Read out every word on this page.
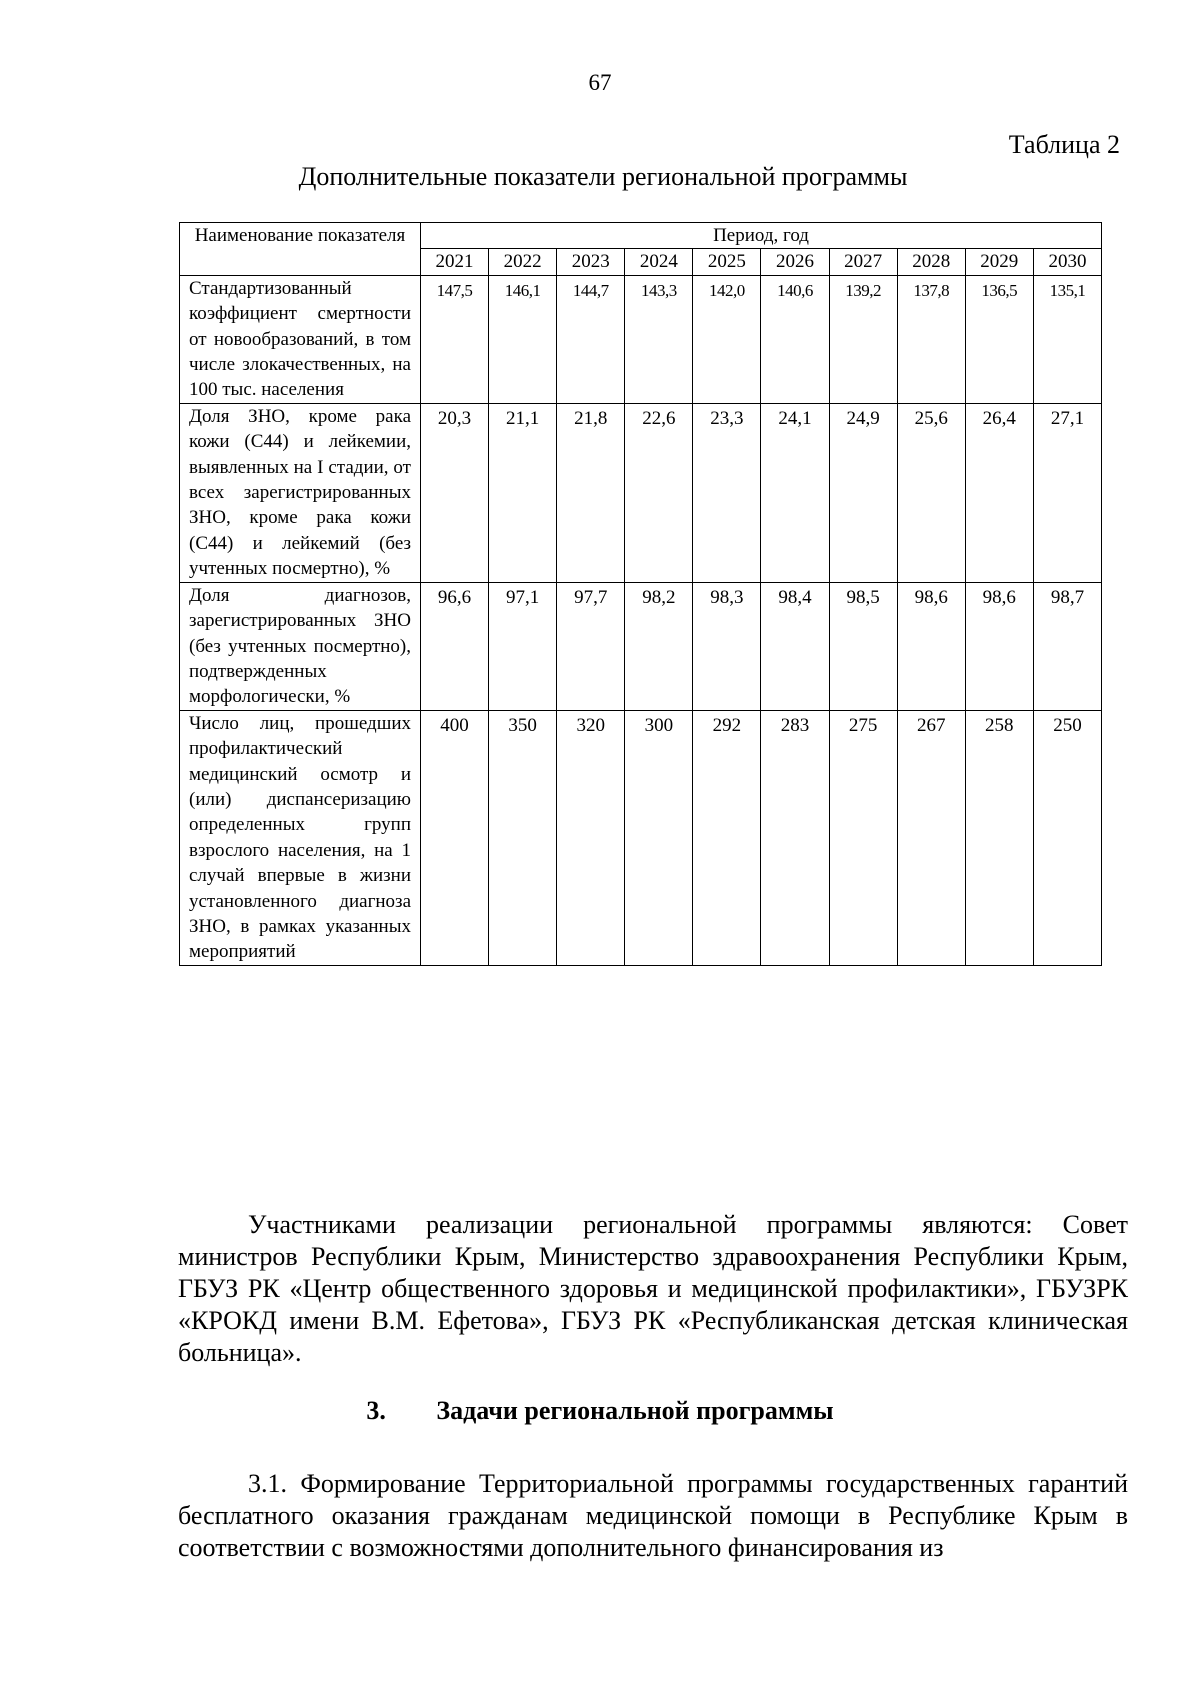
67
Таблица 2
Дополнительные показатели региональной программы
Наименование показателя	Период, год									
	2021	2022	2023	2024	2025	2026	2027	2028	2029	2030
Стандартизованный коэффициент смертности от новообразований, в том числе злокачественных, на 100 тыс. населения	147,5	146,1	144,7	143,3	142,0	140,6	139,2	137,8	136,5	135,1
Доля ЗНО, кроме рака кожи (C44) и лейкемии, выявленных на I стадии, от всех зарегистрированных ЗНО, кроме рака кожи (C44) и лейкемий (без учтенных посмертно), %	20,3	21,1	21,8	22,6	23,3	24,1	24,9	25,6	26,4	27,1
Доля диагнозов, зарегистрированных ЗНО (без учтенных посмертно), подтвержденных морфологически, %	96,6	97,1	97,7	98,2	98,3	98,4	98,5	98,6	98,6	98,7
Число лиц, прошедших профилактический медицинский осмотр и (или) диспансеризацию определенных групп взрослого населения, на 1 случай впервые в жизни установленного диагноза ЗНО, в рамках указанных мероприятий	400	350	320	300	292	283	275	267	258	250
Участниками реализации региональной программы являются: Совет министров Республики Крым, Министерство здравоохранения Республики Крым, ГБУЗ РК «Центр общественного здоровья и медицинской профилактики», ГБУЗРК «КРОКД имени В.М. Ефетова», ГБУЗ РК «Республиканская детская клиническая больница».
3. Задачи региональной программы
3.1. Формирование Территориальной программы государственных гарантий бесплатного оказания гражданам медицинской помощи в Республике Крым в соответствии с возможностями дополнительного финансирования из
